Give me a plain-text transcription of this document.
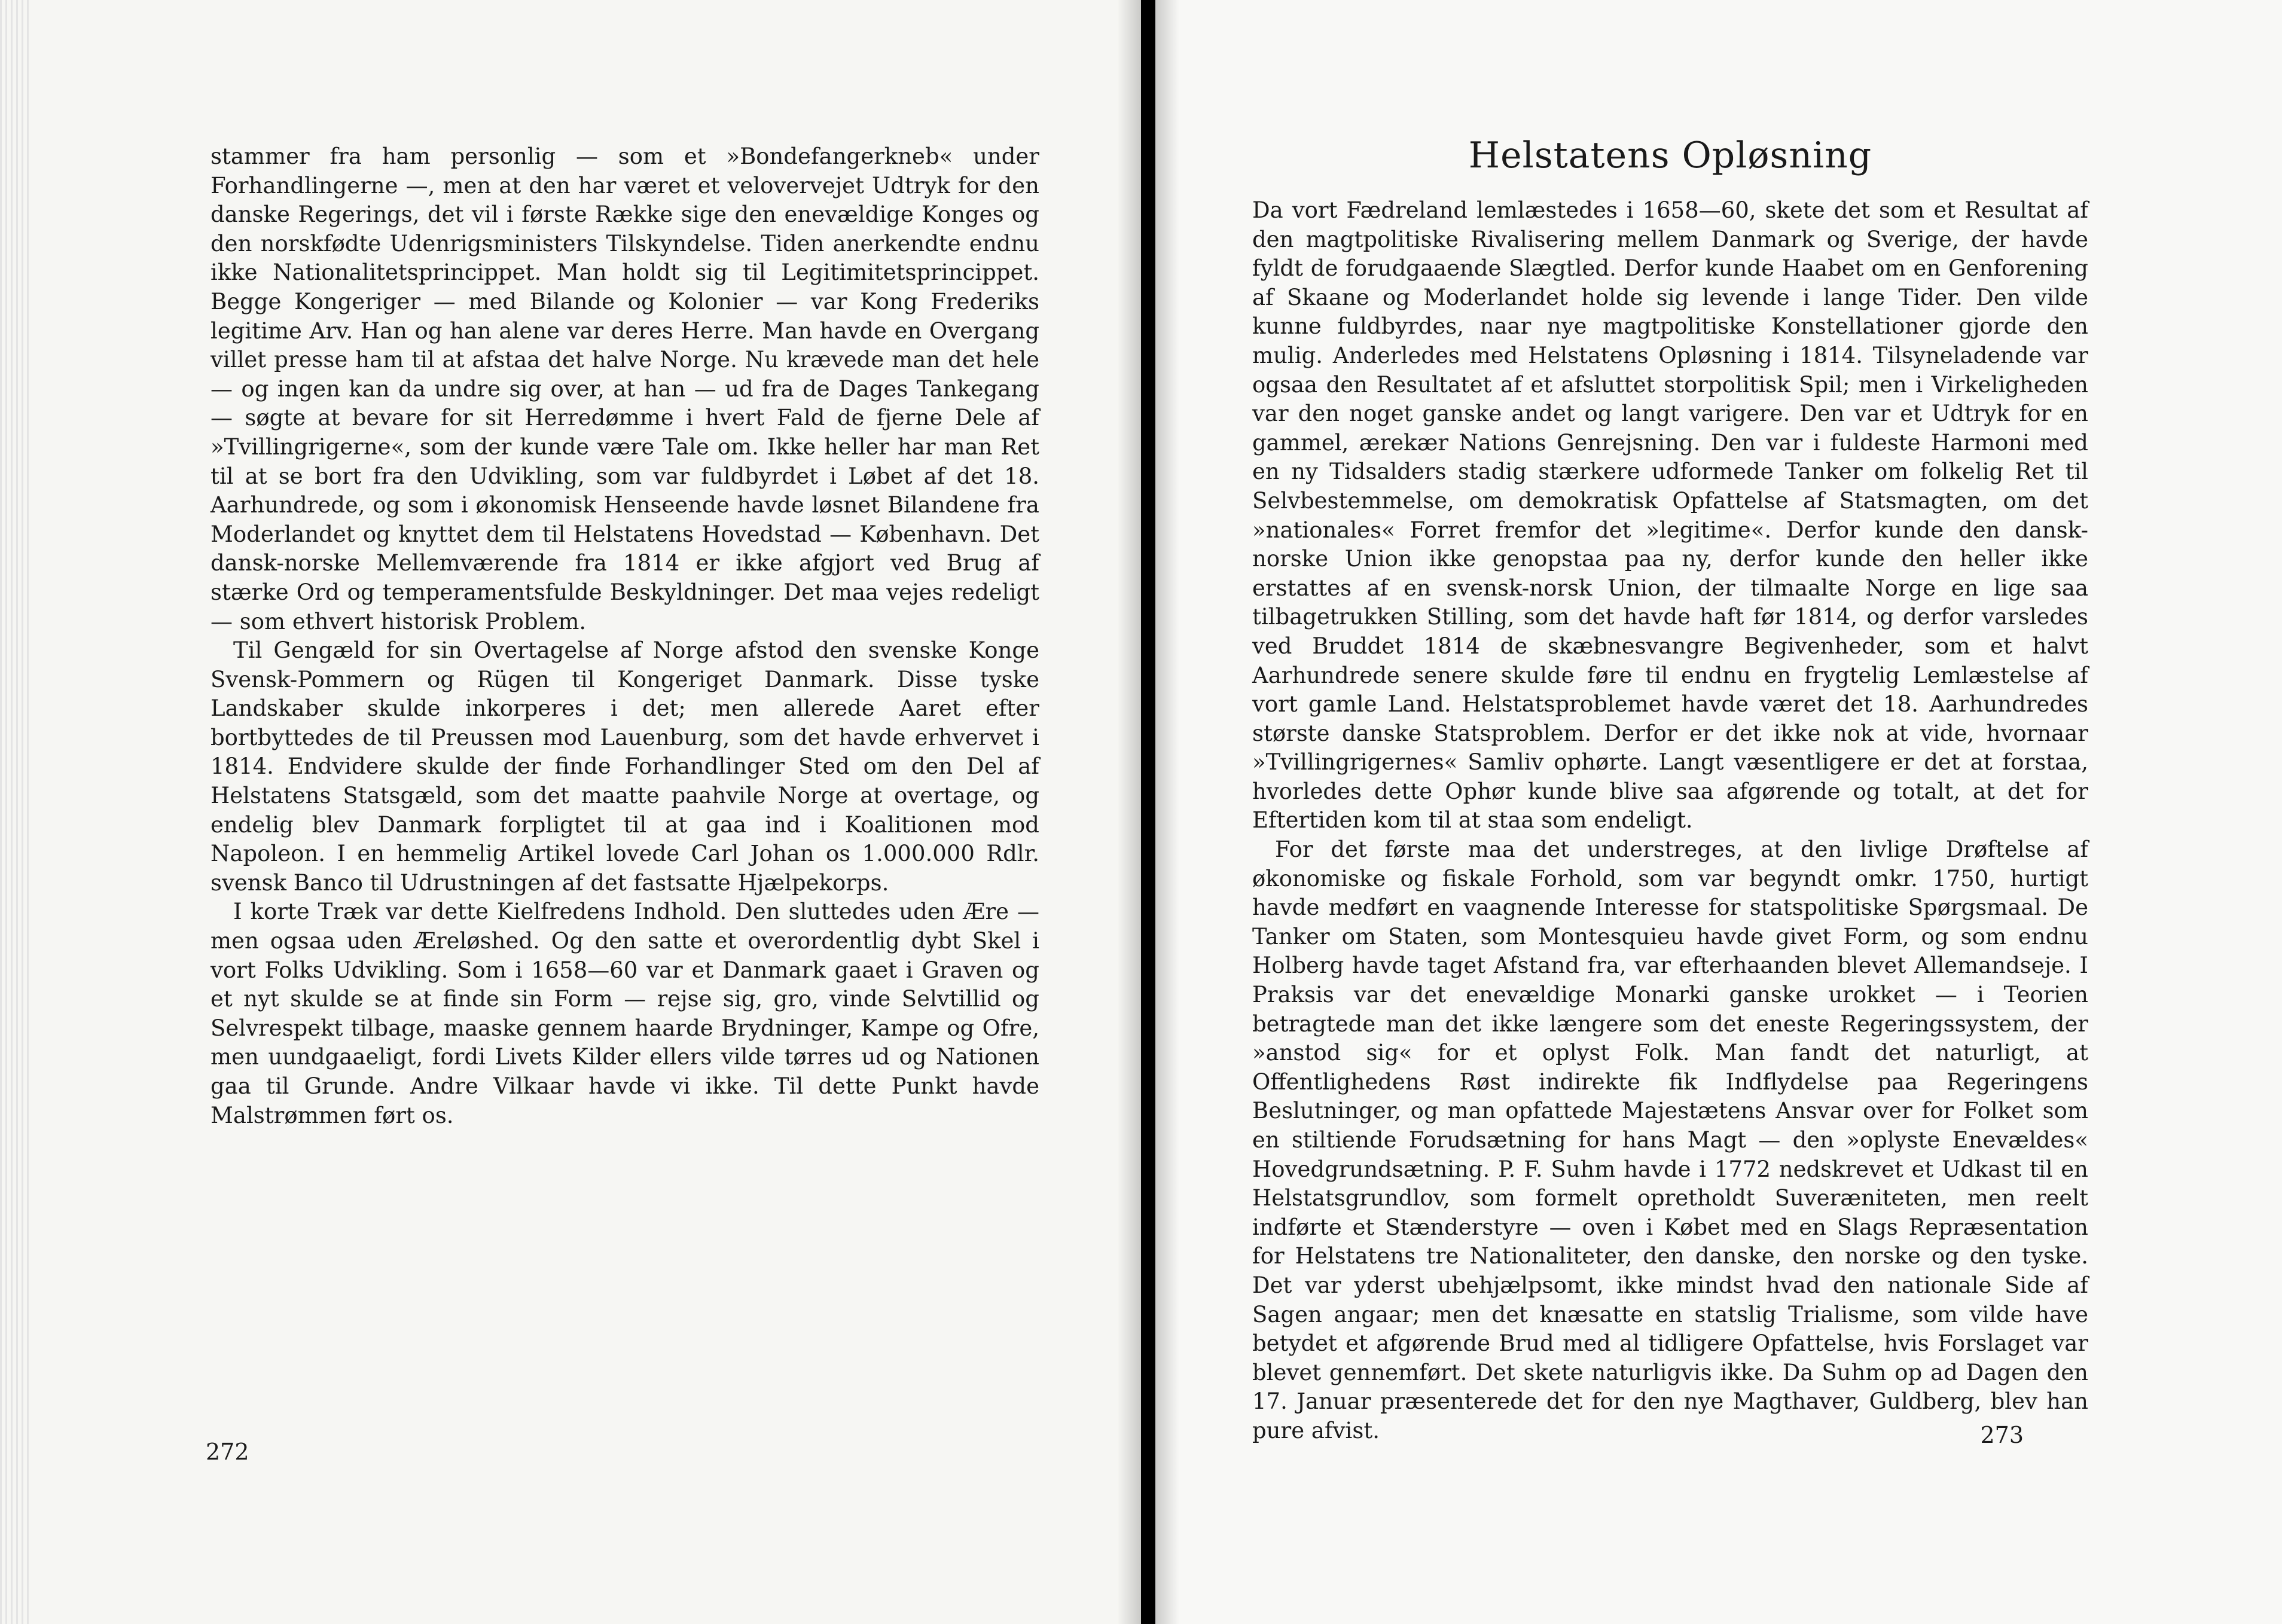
stammer fra ham personlig — som et »Bondefangerkneb« under Forhandlingerne —, men at den har været et velovervejet Udtryk for den danske Regerings, det vil i første Række sige den enevældige Konges og den norskfødte Udenrigsministers Tilskyndelse. Tiden anerkendte endnu ikke Nationalitetsprincippet. Man holdt sig til Legitimitetsprincippet. Begge Kongeriger — med Bilande og Kolonier — var Kong Frederiks legitime Arv. Han og han alene var deres Herre. Man havde en Overgang villet presse ham til at afstaa det halve Norge. Nu krævede man det hele — og ingen kan da undre sig over, at han — ud fra de Dages Tankegang — søgte at bevare for sit Herredømme i hvert Fald de fjerne Dele af »Tvillingrigerne«, som der kunde være Tale om. Ikke heller har man Ret til at se bort fra den Udvikling, som var fuldbyrdet i Løbet af det 18. Aarhundrede, og som i økonomisk Henseende havde løsnet Bilandene fra Moderlandet og knyttet dem til Helstatens Hovedstad — København. Det dansk-norske Mellemværende fra 1814 er ikke afgjort ved Brug af stærke Ord og temperamentsfulde Beskyldninger. Det maa vejes redeligt — som ethvert historisk Problem.

Til Gengæld for sin Overtagelse af Norge afstod den svenske Konge Svensk-Pommern og Rügen til Kongeriget Danmark. Disse tyske Landskaber skulde inkorperes i det; men allerede Aaret efter bortbyttedes de til Preussen mod Lauenburg, som det havde erhvervet i 1814. Endvidere skulde der finde Forhandlinger Sted om den Del af Helstatens Statsgæld, som det maatte paahvile Norge at overtage, og endelig blev Danmark forpligtet til at gaa ind i Koalitionen mod Napoleon. I en hemmelig Artikel lovede Carl Johan os 1.000.000 Rdlr. svensk Banco til Udrustningen af det fastsatte Hjælpekorps.

I korte Træk var dette Kielfredens Indhold. Den sluttedes uden Ære — men ogsaa uden Æreløshed. Og den satte et overordentlig dybt Skel i vort Folks Udvikling. Som i 1658—60 var et Danmark gaaet i Graven og et nyt skulde se at finde sin Form — rejse sig, gro, vinde Selvtillid og Selvrespekt tilbage, maaske gennem haarde Brydninger, Kampe og Ofre, men uundgaaeligt, fordi Livets Kilder ellers vilde tørres ud og Nationen gaa til Grunde. Andre Vilkaar havde vi ikke. Til dette Punkt havde Malstrømmen ført os.

272
Helstatens Opløsning

Da vort Fædreland lemlæstedes i 1658—60, skete det som et Resultat af den magtpolitiske Rivalisering mellem Danmark og Sverige, der havde fyldt de forudgaaende Slægtled. Derfor kunde Haabet om en Genforening af Skaane og Moderlandet holde sig levende i lange Tider. Den vilde kunne fuldbyrdes, naar nye magtpolitiske Konstellationer gjorde den mulig. Anderledes med Helstatens Opløsning i 1814. Tilsyneladende var ogsaa den Resultatet af et afsluttet storpolitisk Spil; men i Virkeligheden var den noget ganske andet og langt varigere. Den var et Udtryk for en gammel, ærekær Nations Genrejsning. Den var i fuldeste Harmoni med en ny Tidsalders stadig stærkere udformede Tanker om folkelig Ret til Selvbestemmelse, om demokratisk Opfattelse af Statsmagten, om det »nationales« Forret fremfor det »legitime«. Derfor kunde den dansk-norske Union ikke genopstaa paa ny, derfor kunde den heller ikke erstattes af en svensk-norsk Union, der tilmaalte Norge en lige saa tilbagetrukken Stilling, som det havde haft før 1814, og derfor varsledes ved Bruddet 1814 de skæbnesvangre Begivenheder, som et halvt Aarhundrede senere skulde føre til endnu en frygtelig Lemlæstelse af vort gamle Land. Helstatsproblemet havde været det 18. Aarhundredes største danske Statsproblem. Derfor er det ikke nok at vide, hvornaar »Tvillingrigernes« Samliv ophørte. Langt væsentligere er det at forstaa, hvorledes dette Ophør kunde blive saa afgørende og totalt, at det for Eftertiden kom til at staa som endeligt.

For det første maa det understreges, at den livlige Drøftelse af økonomiske og fiskale Forhold, som var begyndt omkr. 1750, hurtigt havde medført en vaagnende Interesse for statspolitiske Spørgsmaal. De Tanker om Staten, som Montesquieu havde givet Form, og som endnu Holberg havde taget Afstand fra, var efterhaanden blevet Allemandseje. I Praksis var det enevældige Monarki ganske urokket — i Teorien betragtede man det ikke længere som det eneste Regeringssystem, der »anstod sig« for et oplyst Folk. Man fandt det naturligt, at Offentlighedens Røst indirekte fik Indflydelse paa Regeringens Beslutninger, og man opfattede Majestætens Ansvar over for Folket som en stiltiende Forudsætning for hans Magt — den »oplyste Enevældes« Hovedgrundsætning. P. F. Suhm havde i 1772 nedskrevet et Udkast til en Helstatsgrundlov, som formelt opretholdt Suveræniteten, men reelt indførte et Stænderstyre — oven i Købet med en Slags Repræsentation for Helstatens tre Nationaliteter, den danske, den norske og den tyske. Det var yderst ubehjælpsomt, ikke mindst hvad den nationale Side af Sagen angaar; men det knæsatte en statslig Trialisme, som vilde have betydet et afgørende Brud med al tidligere Opfattelse, hvis Forslaget var blevet gennemført. Det skete naturligvis ikke. Da Suhm op ad Dagen den 17. Januar præsenterede det for den nye Magthaver, Guldberg, blev han pure afvist.	273
